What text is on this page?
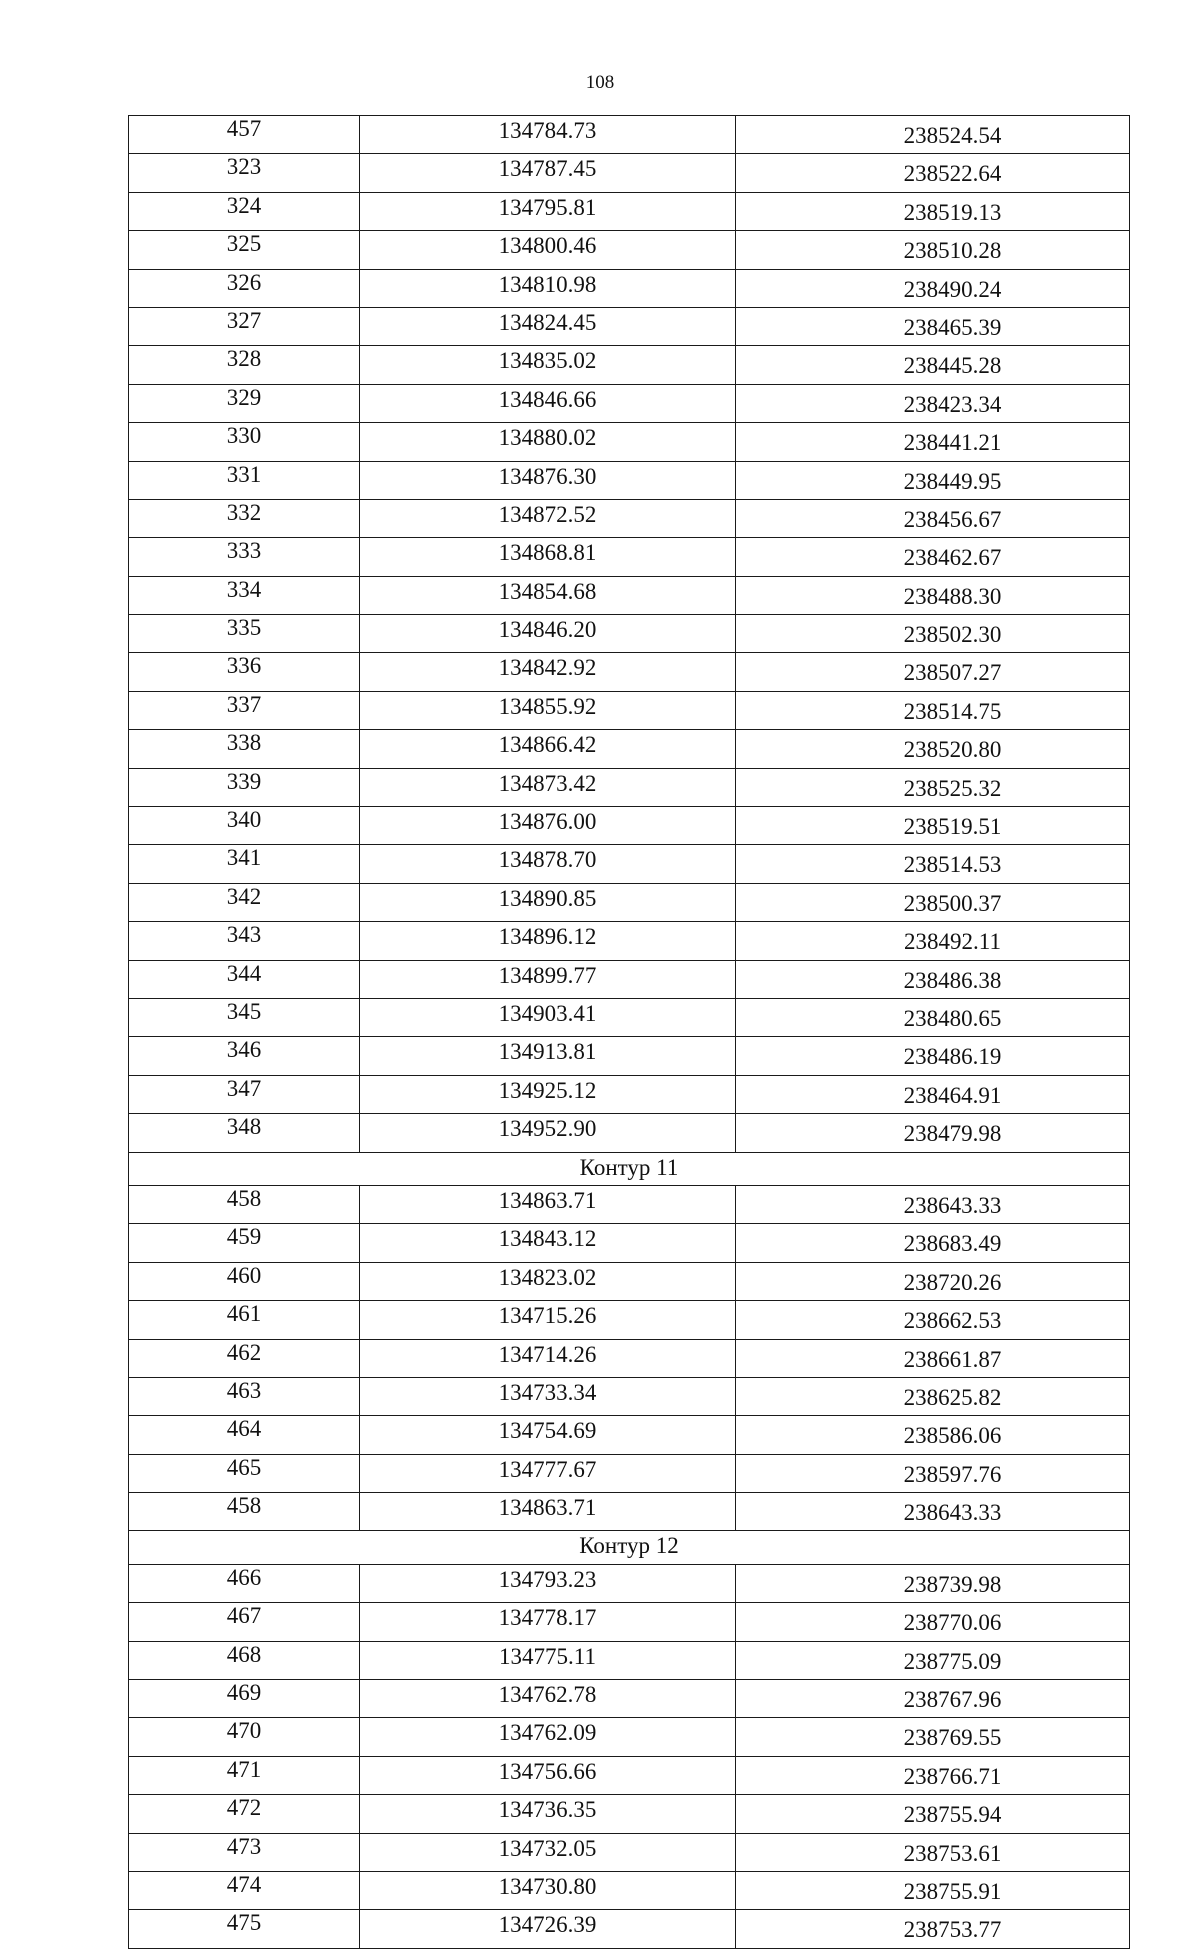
108
457	134784.73	238524.54
323	134787.45	238522.64
324	134795.81	238519.13
325	134800.46	238510.28
326	134810.98	238490.24
327	134824.45	238465.39
328	134835.02	238445.28
329	134846.66	238423.34
330	134880.02	238441.21
331	134876.30	238449.95
332	134872.52	238456.67
333	134868.81	238462.67
334	134854.68	238488.30
335	134846.20	238502.30
336	134842.92	238507.27
337	134855.92	238514.75
338	134866.42	238520.80
339	134873.42	238525.32
340	134876.00	238519.51
341	134878.70	238514.53
342	134890.85	238500.37
343	134896.12	238492.11
344	134899.77	238486.38
345	134903.41	238480.65
346	134913.81	238486.19
347	134925.12	238464.91
348	134952.90	238479.98
Контур 11		
458	134863.71	238643.33
459	134843.12	238683.49
460	134823.02	238720.26
461	134715.26	238662.53
462	134714.26	238661.87
463	134733.34	238625.82
464	134754.69	238586.06
465	134777.67	238597.76
458	134863.71	238643.33
Контур 12		
466	134793.23	238739.98
467	134778.17	238770.06
468	134775.11	238775.09
469	134762.78	238767.96
470	134762.09	238769.55
471	134756.66	238766.71
472	134736.35	238755.94
473	134732.05	238753.61
474	134730.80	238755.91
475	134726.39	238753.77
